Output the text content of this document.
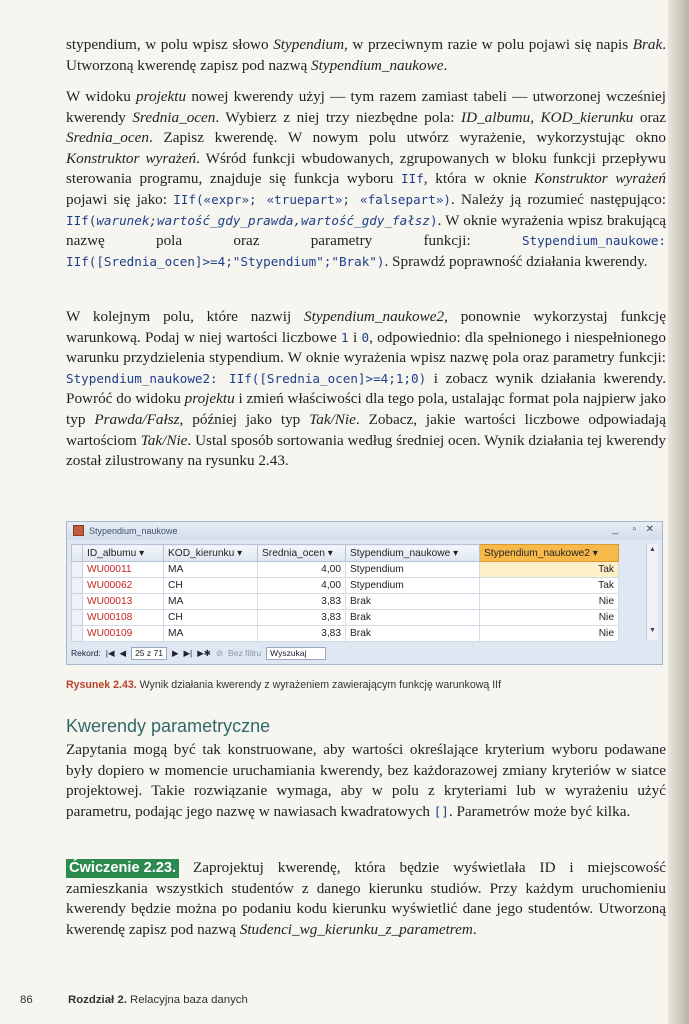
stypendium, w polu wpisz słowo Stypendium, w przeciwnym razie w polu pojawi się napis Brak. Utworzoną kwerendę zapisz pod nazwą Stypendium_naukowe.

W widoku projektu nowej kwerendy użyj — tym razem zamiast tabeli — utworzonej wcześniej kwerendy Srednia_ocen. Wybierz z niej trzy niezbędne pola: ID_albumu, KOD_kierunku oraz Srednia_ocen. Zapisz kwerendę. W nowym polu utwórz wyrażenie, wykorzystując okno Konstruktor wyrażeń. Wśród funkcji wbudowanych, zgrupowanych w bloku funkcji przepływu sterowania programu, znajduje się funkcja wyboru IIf, która w oknie Konstruktor wyrażeń pojawi się jako: IIf(«expr»; «truepart»; «falsepart»). Należy ją rozumieć następująco: IIf(warunek;wartość_gdy_prawda,wartość_gdy_fałsz). W oknie wyrażenia wpisz brakującą nazwę pola oraz parametry funkcji: Stypendium_naukowe: IIf([Srednia_ocen]>=4;"Stypendium";"Brak"). Sprawdź poprawność działania kwerendy.

W kolejnym polu, które nazwij Stypendium_naukowe2, ponownie wykorzystaj funkcję warunkową. Podaj w niej wartości liczbowe 1 i 0, odpowiednio: dla spełnionego i niespełnionego warunku przydzielenia stypendium. W oknie wyrażenia wpisz nazwę pola oraz parametry funkcji: Stypendium_naukowe2: IIf([Srednia_ocen]>=4;1;0) i zobacz wynik działania kwerendy. Powróć do widoku projektu i zmień właściwości dla tego pola, ustalając format pola najpierw jako typ Prawda/Fałsz, później jako typ Tak/Nie. Zobacz, jakie wartości liczbowe odpowiadają wartościom Tak/Nie. Ustal sposób sortowania według średniej ocen. Wynik działania tej kwerendy został zilustrowany na rysunku 2.43.

Stypendium_naukowe	_ ▫ ✕
	ID_albumu ▾	KOD_kierunku ▾	Srednia_ocen ▾	Stypendium_naukowe ▾	Stypendium_naukowe2 ▾
	WU00011	MA	4,00	Stypendium	Tak
	WU00062	CH	4,00	Stypendium	Tak
	WU00013	MA	3,83	Brak	Nie
	WU00108	CH	3,83	Brak	Nie
	WU00109	MA	3,83	Brak	Nie
▲
▼
Rekord: |◀ ◀	25 z 71	▶ ▶| ▶✱ ⊘ Bez filtru	Wyszukaj
Rysunek 2.43. Wynik działania kwerendy z wyrażeniem zawierającym funkcję warunkową IIf
Kwerendy parametryczne

Zapytania mogą być tak konstruowane, aby wartości określające kryterium wyboru podawane były dopiero w momencie uruchamiania kwerendy, bez każdorazowej zmiany kryteriów w siatce projektowej. Takie rozwiązanie wymaga, aby w polu z kryteriami lub w wyrażeniu użyć parametru, podając jego nazwę w nawiasach kwadratowych []. Parametrów może być kilka.

Ćwiczenie 2.23. Zaprojektuj kwerendę, która będzie wyświetlała ID i miejscowość zamieszkania wszystkich studentów z danego kierunku studiów. Przy każdym uruchomieniu kwerendy będzie można po podaniu kodu kierunku wyświetlić dane jego studentów. Utworzoną kwerendę zapisz pod nazwą Studenci_wg_kierunku_z_parametrem.

86	Rozdział 2. Relacyjna baza danych
